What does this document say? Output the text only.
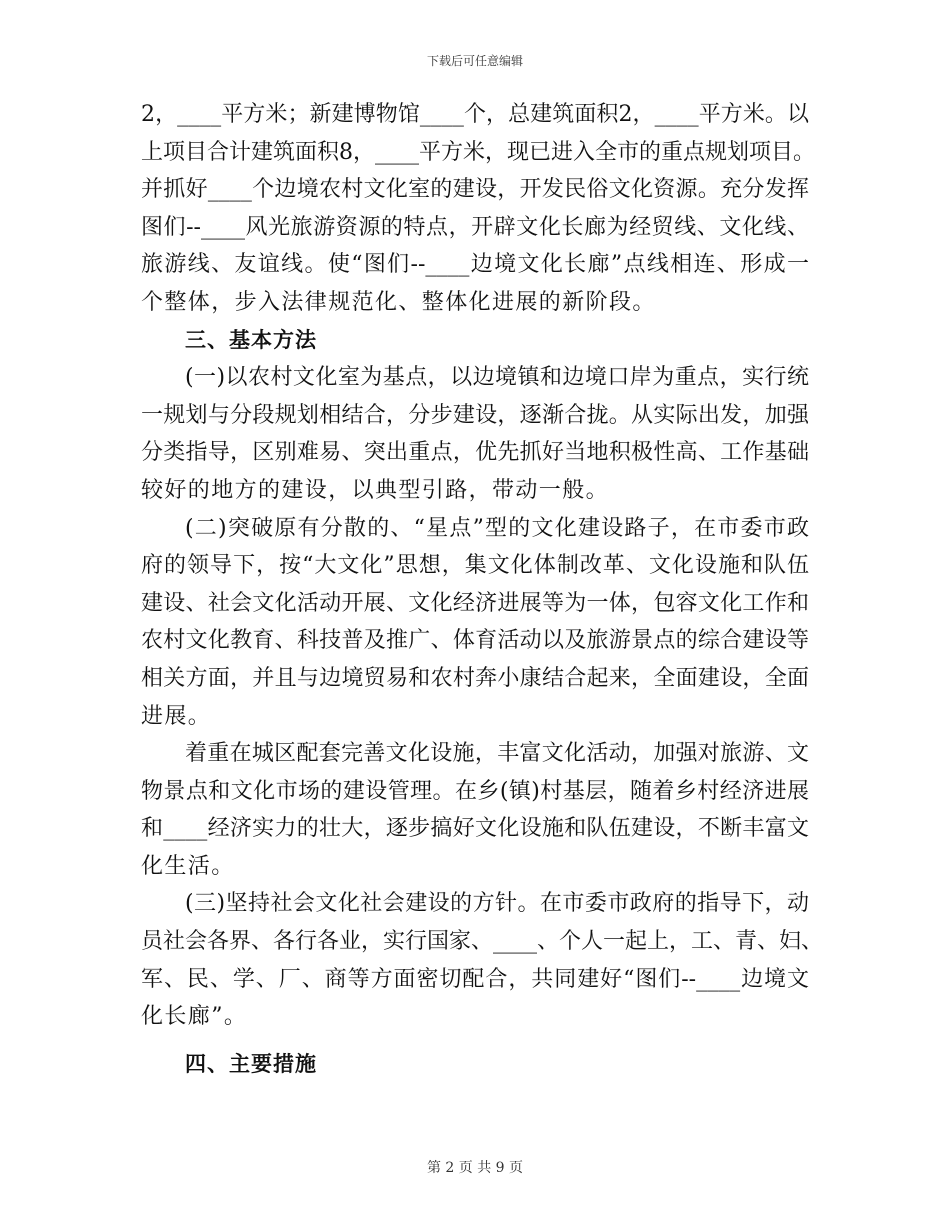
下载后可任意编辑
2，____平方米；新建博物馆____个，总建筑面积2，____平方米。以
上项目合计建筑面积8，____平方米，现已进入全市的重点规划项目。
并抓好____个边境农村文化室的建设，开发民俗文化资源。充分发挥
图们--____风光旅游资源的特点，开辟文化长廊为经贸线、文化线、
旅游线、友谊线。使“图们--____边境文化长廊”点线相连、形成一
个整体，步入法律规范化、整体化进展的新阶段。
三、基本方法
(一)以农村文化室为基点，以边境镇和边境口岸为重点，实行统
一规划与分段规划相结合，分步建设，逐渐合拢。从实际出发，加强
分类指导，区别难易、突出重点，优先抓好当地积极性高、工作基础
较好的地方的建设，以典型引路，带动一般。
(二)突破原有分散的、“星点”型的文化建设路子，在市委市政
府的领导下，按“大文化”思想，集文化体制改革、文化设施和队伍
建设、社会文化活动开展、文化经济进展等为一体，包容文化工作和
农村文化教育、科技普及推广、体育活动以及旅游景点的综合建设等
相关方面，并且与边境贸易和农村奔小康结合起来，全面建设，全面
进展。
着重在城区配套完善文化设施，丰富文化活动，加强对旅游、文
物景点和文化市场的建设管理。在乡(镇)村基层，随着乡村经济进展
和____经济实力的壮大，逐步搞好文化设施和队伍建设，不断丰富文
化生活。
(三)坚持社会文化社会建设的方针。在市委市政府的指导下，动
员社会各界、各行各业，实行国家、____、个人一起上，工、青、妇、
军、民、学、厂、商等方面密切配合，共同建好“图们--____边境文
化长廊”。
四、主要措施
第 2 页 共 9 页
